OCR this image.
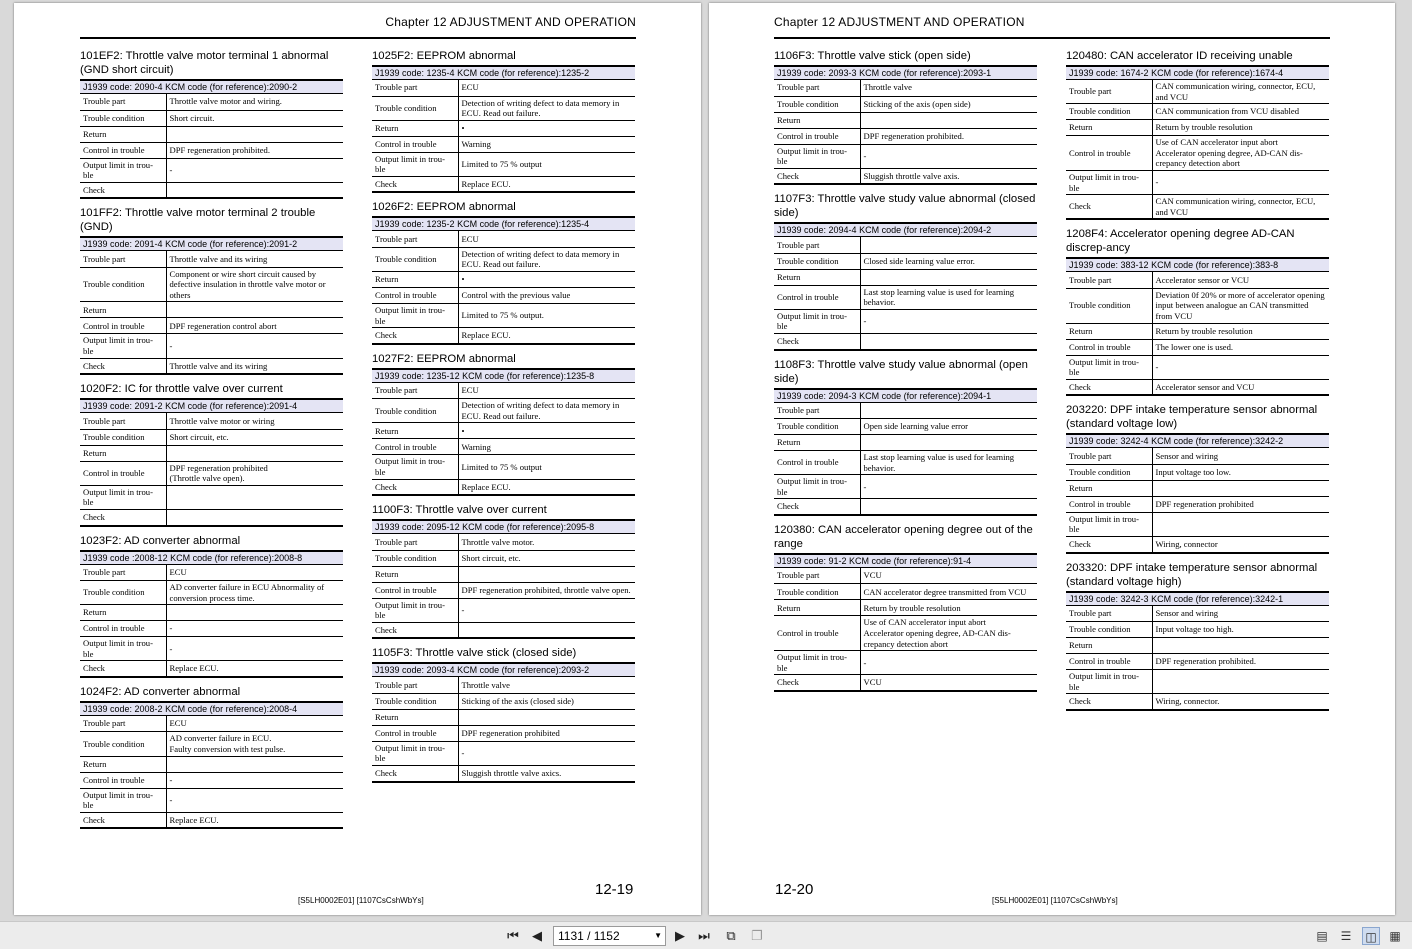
Chapter 12 ADJUSTMENT AND OPERATION
101EF2: Throttle valve motor terminal 1 abnormal (GND short circuit)
J1939 code: 2090-4 KCM code (for reference):2090-2
Trouble part	Throttle valve motor and wiring.
Trouble condition	Short circuit.
Return	
Control in trouble	DPF regeneration prohibited.
Output limit in trou-
ble	-
Check	
101FF2: Throttle valve motor terminal 2 trouble (GND)
J1939 code: 2091-4 KCM code (for reference):2091-2
Trouble part	Throttle valve and its wiring
Trouble condition	Component or wire short circuit caused by defective insulation in throttle valve motor or others
Return	
Control in trouble	DPF regeneration control abort
Output limit in trou-
ble	-
Check	Throttle valve and its wiring
1020F2: IC for throttle valve over current
J1939 code: 2091-2 KCM code (for reference):2091-4
Trouble part	Throttle valve motor or wiring
Trouble condition	Short circuit, etc.
Return	
Control in trouble	DPF regeneration prohibited
(Throttle valve open).
Output limit in trou-
ble	
Check	
1023F2: AD converter abnormal
J1939 code :2008-12 KCM code (for reference):2008-8
Trouble part	ECU
Trouble condition	AD converter failure in ECU Abnormality of conversion process time.
Return	
Control in trouble	-
Output limit in trou-
ble	-
Check	Replace ECU.
1024F2: AD converter abnormal
J1939 code: 2008-2 KCM code (for reference):2008-4
Trouble part	ECU
Trouble condition	AD converter failure in ECU.
Faulty conversion with test pulse.
Return	
Control in trouble	-
Output limit in trou-
ble	-
Check	Replace ECU.
1025F2: EEPROM abnormal
J1939 code: 1235-4 KCM code (for reference):1235-2
Trouble part	ECU
Trouble condition	Detection of writing defect to data memory in ECU. Read out failure.
Return	•
Control in trouble	Warning
Output limit in trou-
ble	Limited to 75 % output
Check	Replace ECU.
1026F2: EEPROM abnormal
J1939 code: 1235-2 KCM code (for reference):1235-4
Trouble part	ECU
Trouble condition	Detection of writing defect to data memory in ECU. Read out failure.
Return	•
Control in trouble	Control with the previous value
Output limit in trou-
ble	Limited to 75 % output.
Check	Replace ECU.
1027F2: EEPROM abnormal
J1939 code: 1235-12 KCM code (for reference):1235-8
Trouble part	ECU
Trouble condition	Detection of writing defect to data memory in ECU. Read out failure.
Return	•
Control in trouble	Warning
Output limit in trou-
ble	Limited to 75 % output
Check	Replace ECU.
1100F3: Throttle valve over current
J1939 code: 2095-12 KCM code (for reference):2095-8
Trouble part	Throttle valve motor.
Trouble condition	Short circuit, etc.
Return	
Control in trouble	DPF regeneration prohibited, throttle valve open.
Output limit in trou-
ble	-
Check	
1105F3: Throttle valve stick (closed side)
J1939 code: 2093-4 KCM code (for reference):2093-2
Trouble part	Throttle valve
Trouble condition	Sticking of the axis (closed side)
Return	
Control in trouble	DPF regeneration prohibited
Output limit in trou-
ble	-
Check	Sluggish throttle valve axics.
12-19
[S5LH0002E01] [1107CsCshWbYs]
Chapter 12 ADJUSTMENT AND OPERATION
1106F3: Throttle valve stick (open side)
J1939 code: 2093-3 KCM code (for reference):2093-1
Trouble part	Throttle valve
Trouble condition	Sticking of the axis (open side)
Return	
Control in trouble	DPF regeneration prohibited.
Output limit in trou-
ble	-
Check	Sluggish throttle valve axis.
1107F3: Throttle valve study value abnormal (closed side)
J1939 code: 2094-4 KCM code (for reference):2094-2
Trouble part	
Trouble condition	Closed side learning value error.
Return	
Control in trouble	Last stop learning value is used for learning behavior.
Output limit in trou-
ble	-
Check	
1108F3: Throttle valve study value abnormal (open side)
J1939 code: 2094-3 KCM code (for reference):2094-1
Trouble part	
Trouble condition	Open side learning value error
Return	
Control in trouble	Last stop learning value is used for learning behavior.
Output limit in trou-
ble	-
Check	
120380: CAN accelerator opening degree out of the range
J1939 code: 91-2 KCM code (for reference):91-4
Trouble part	VCU
Trouble condition	CAN accelerator degree transmitted from VCU
Return	Return by trouble resolution
Control in trouble	Use of CAN accelerator input abort
Accelerator opening degree, AD-CAN dis-
crepancy detection abort
Output limit in trou-
ble	-
Check	VCU
120480: CAN accelerator ID receiving unable
J1939 code: 1674-2 KCM code (for reference):1674-4
Trouble part	CAN communication wiring, connector, ECU, and VCU
Trouble condition	CAN communication from VCU disabled
Return	Return by trouble resolution
Control in trouble	Use of CAN accelerator input abort
Accelerator opening degree, AD-CAN dis-
crepancy detection abort
Output limit in trou-
ble	-
Check	CAN communication wiring, connector, ECU, and VCU
1208F4: Accelerator opening degree AD-CAN discrep-ancy
J1939 code: 383-12 KCM code (for reference):383-8
Trouble part	Accelerator sensor or VCU
Trouble condition	Deviation 0f 20% or more of accelerator opening input between analogue an CAN transmitted from VCU
Return	Return by trouble resolution
Control in trouble	The lower one is used.
Output limit in trou-
ble	-
Check	Accelerator sensor and VCU
203220: DPF intake temperature sensor abnormal (standard voltage low)
J1939 code: 3242-4 KCM code (for reference):3242-2
Trouble part	Sensor and wiring
Trouble condition	Input voltage too low.
Return	
Control in trouble	DPF regeneration prohibited
Output limit in trou-
ble	
Check	Wiring, connector
203320: DPF intake temperature sensor abnormal (standard voltage high)
J1939 code: 3242-3 KCM code (for reference):3242-1
Trouble part	Sensor and wiring
Trouble condition	Input voltage too high.
Return	
Control in trouble	DPF regeneration prohibited.
Output limit in trou-
ble	
Check	Wiring, connector.
12-20
[S5LH0002E01] [1107CsCshWbYs]
⏮ ◀	1131 / 1152	▼ ▶ ⏭ ⧉ ❐	▤	☰	◫ ▦
